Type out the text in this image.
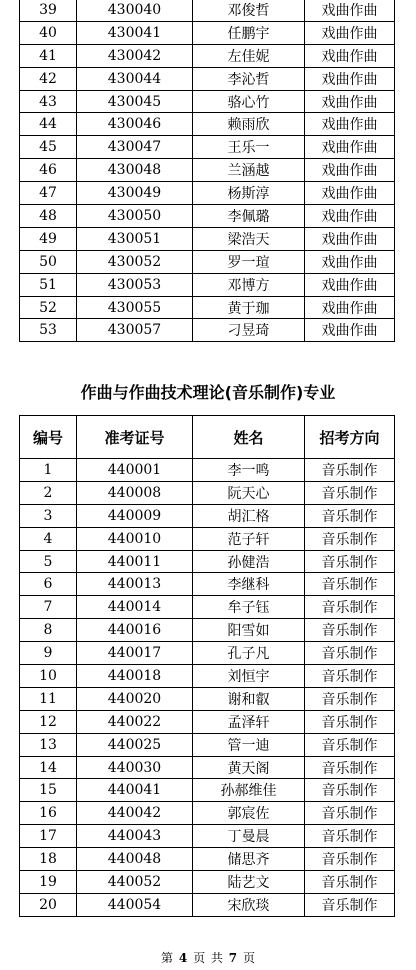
39	430040	邓俊哲	戏曲作曲
40	430041	任鹏宇	戏曲作曲
41	430042	左佳妮	戏曲作曲
42	430044	李沁哲	戏曲作曲
43	430045	骆心竹	戏曲作曲
44	430046	赖雨欣	戏曲作曲
45	430047	王乐一	戏曲作曲
46	430048	兰涵越	戏曲作曲
47	430049	杨斯淳	戏曲作曲
48	430050	李佩璐	戏曲作曲
49	430051	梁浩天	戏曲作曲
50	430052	罗一瑄	戏曲作曲
51	430053	邓博方	戏曲作曲
52	430055	黄于珈	戏曲作曲
53	430057	刁昱琦	戏曲作曲
作曲与作曲技术理论(音乐制作)专业
编号	准考证号	姓名	招考方向
1	440001	李一鸣	音乐制作
2	440008	阮天心	音乐制作
3	440009	胡汇格	音乐制作
4	440010	范子轩	音乐制作
5	440011	孙健浩	音乐制作
6	440013	李继科	音乐制作
7	440014	牟子钰	音乐制作
8	440016	阳雪如	音乐制作
9	440017	孔子凡	音乐制作
10	440018	刘恒宇	音乐制作
11	440020	谢和叡	音乐制作
12	440022	孟泽轩	音乐制作
13	440025	管一迪	音乐制作
14	440030	黄天阁	音乐制作
15	440041	孙郝维佳	音乐制作
16	440042	郭宸佐	音乐制作
17	440043	丁曼晨	音乐制作
18	440048	储思齐	音乐制作
19	440052	陆艺文	音乐制作
20	440054	宋欣琰	音乐制作
第 4 页 共 7 页
